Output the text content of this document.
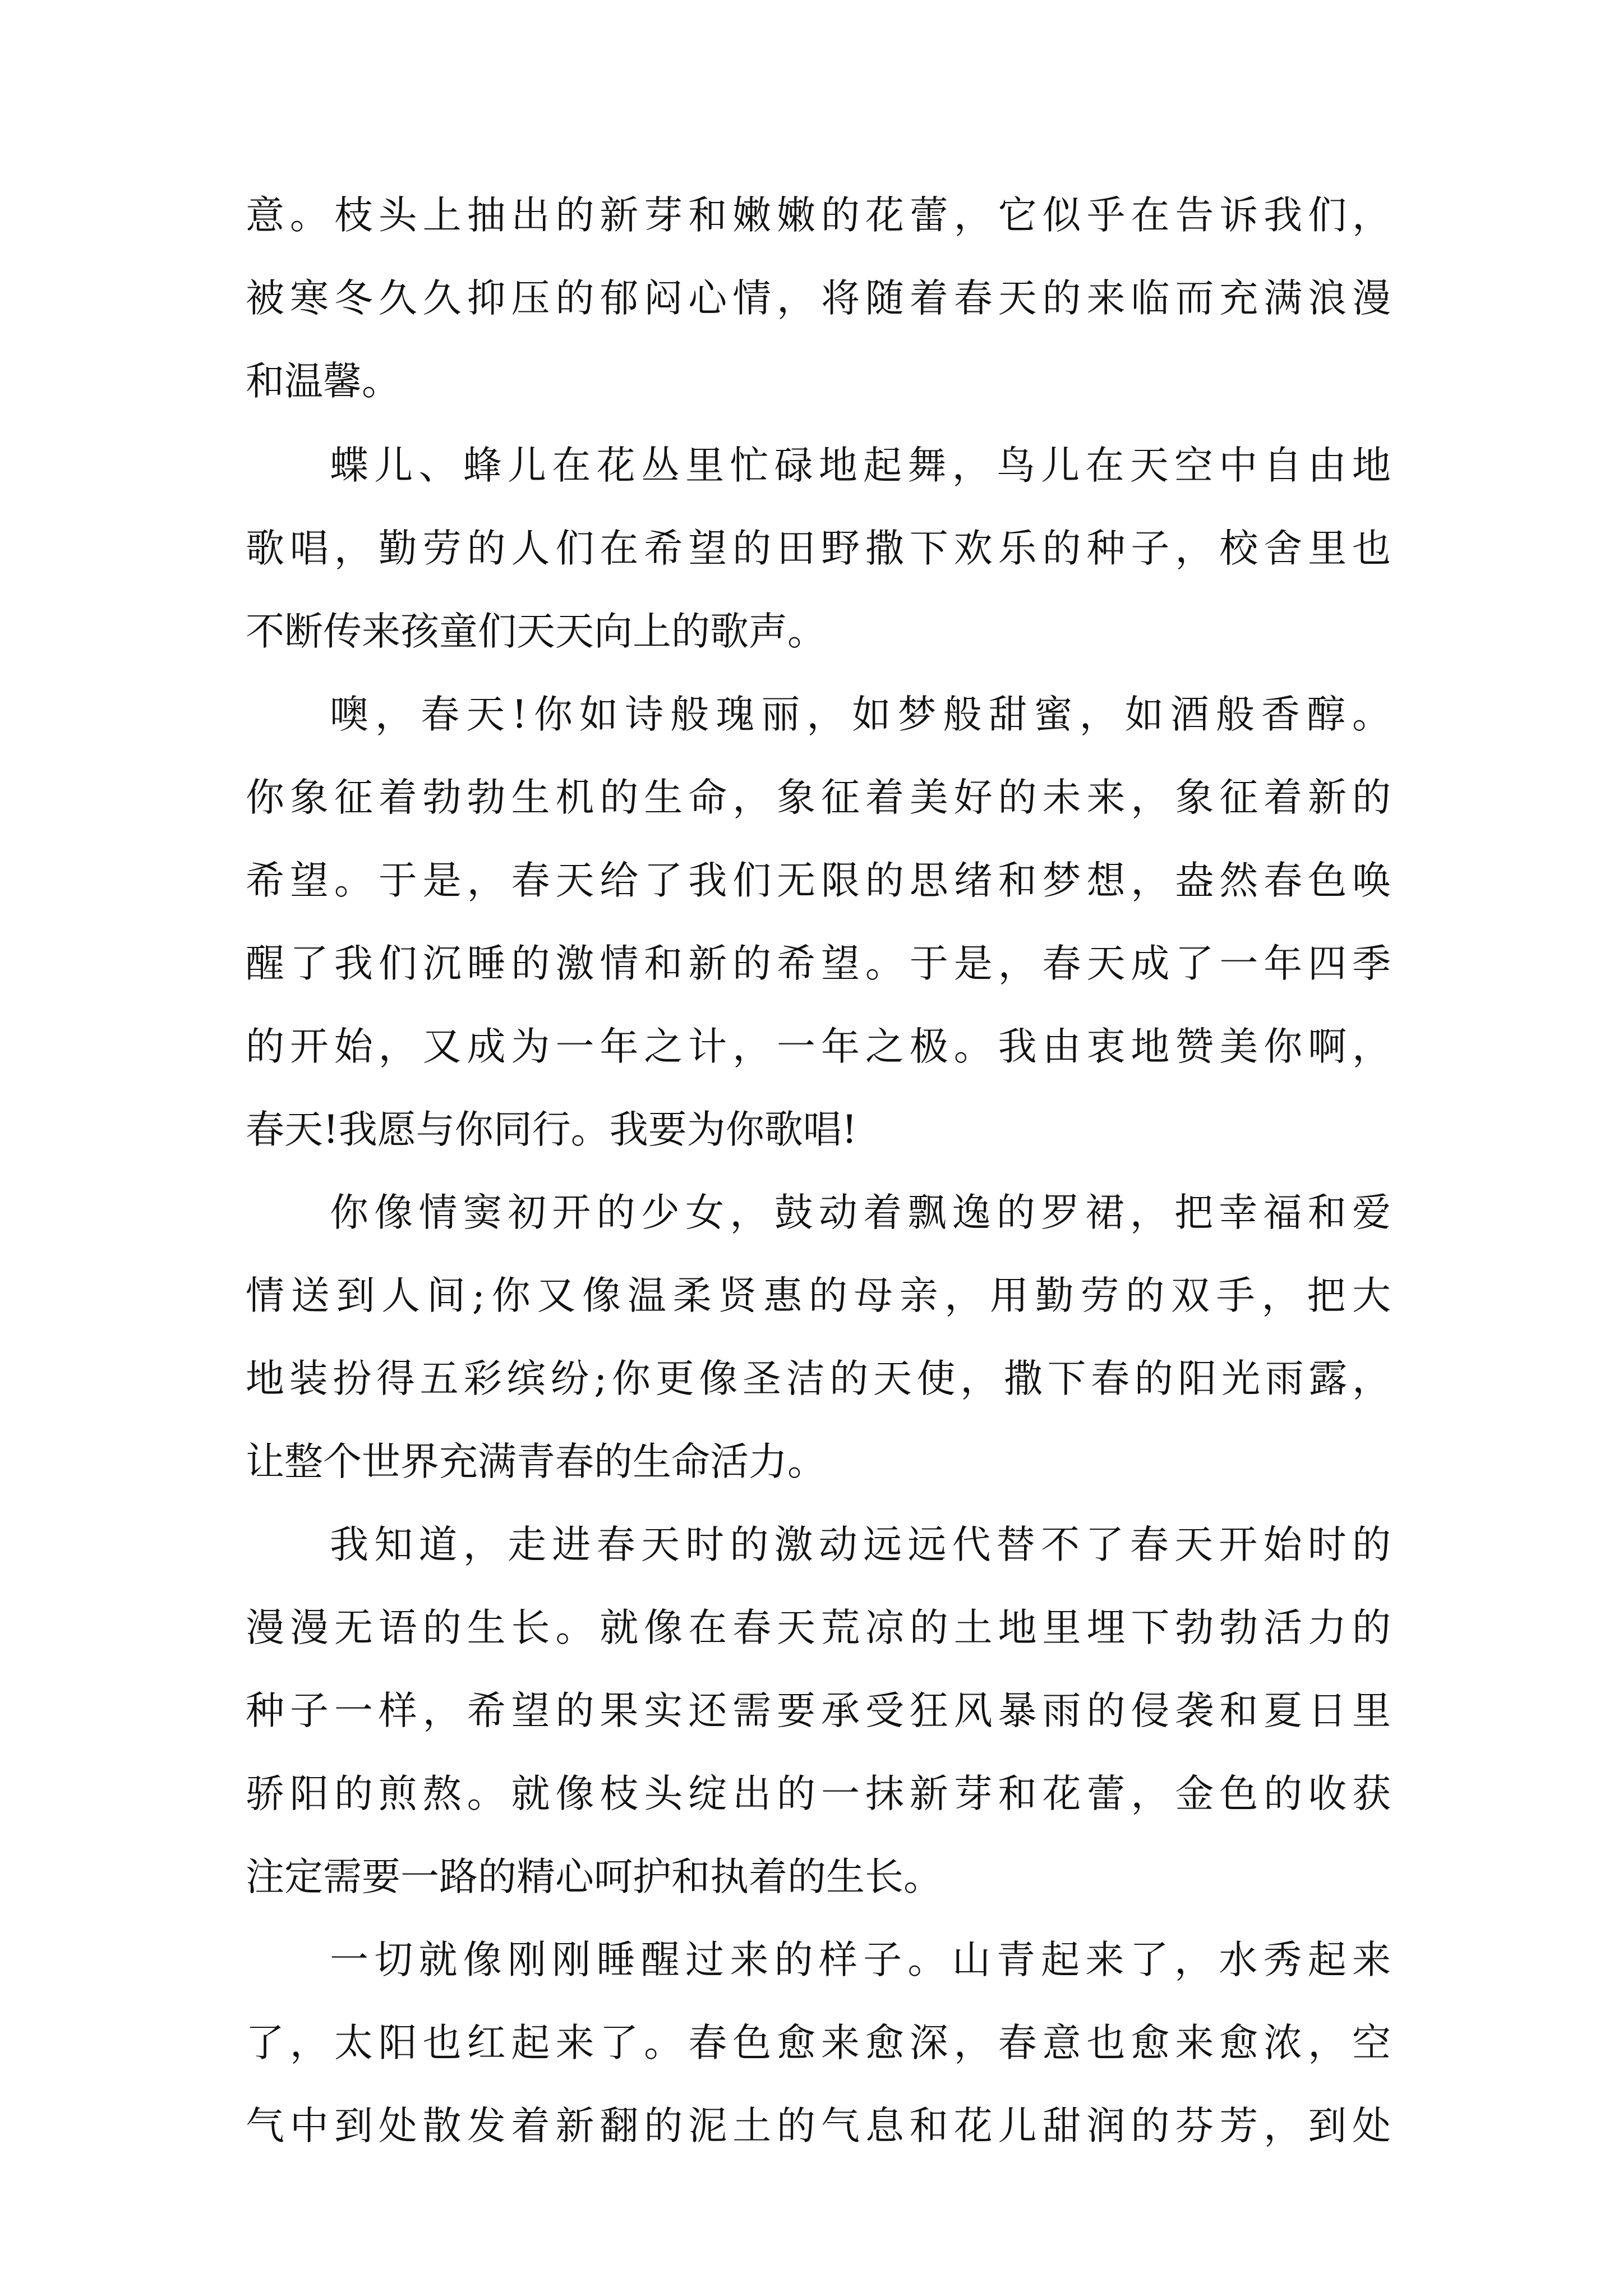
意。枝头上抽出的新芽和嫩嫩的花蕾，它似乎在告诉我们，
被寒冬久久抑压的郁闷心情，将随着春天的来临而充满浪漫
和温馨。
蝶儿、蜂儿在花丛里忙碌地起舞，鸟儿在天空中自由地
歌唱，勤劳的人们在希望的田野撒下欢乐的种子，校舍里也
不断传来孩童们天天向上的歌声。
噢，春天!你如诗般瑰丽，如梦般甜蜜，如酒般香醇。
你象征着勃勃生机的生命，象征着美好的未来，象征着新的
希望。于是，春天给了我们无限的思绪和梦想，盎然春色唤
醒了我们沉睡的激情和新的希望。于是，春天成了一年四季
的开始，又成为一年之计，一年之极。我由衷地赞美你啊，
春天!我愿与你同行。我要为你歌唱!
你像情窦初开的少女，鼓动着飘逸的罗裙，把幸福和爱
情送到人间;你又像温柔贤惠的母亲，用勤劳的双手，把大
地装扮得五彩缤纷;你更像圣洁的天使，撒下春的阳光雨露，
让整个世界充满青春的生命活力。
我知道，走进春天时的激动远远代替不了春天开始时的
漫漫无语的生长。就像在春天荒凉的土地里埋下勃勃活力的
种子一样，希望的果实还需要承受狂风暴雨的侵袭和夏日里
骄阳的煎熬。就像枝头绽出的一抹新芽和花蕾，金色的收获
注定需要一路的精心呵护和执着的生长。
一切就像刚刚睡醒过来的样子。山青起来了，水秀起来
了，太阳也红起来了。春色愈来愈深，春意也愈来愈浓，空
气中到处散发着新翻的泥土的气息和花儿甜润的芬芳，到处
